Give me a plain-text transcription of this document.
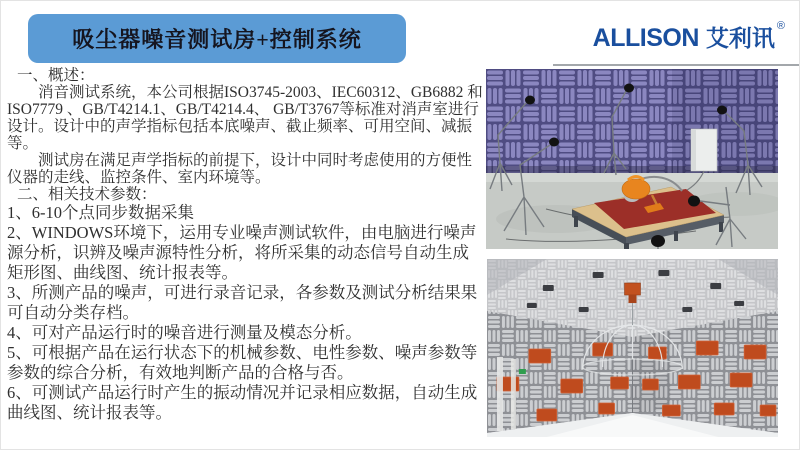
吸尘器噪音测试房+控制系统	ALLISON 艾利讯 ®

一、概述：

消音测试系统，本公司根据ISO3745-2003、IEC60312、GB6882 和ISO7779 、GB/T4214.1、GB/T4214.4、 GB/T3767等标准对消声室进行设计。设计中的声学指标包括本底噪声、截止频率、可用空间、减振等。

测试房在满足声学指标的前提下，设计中同时考虑使用的方便性仪器的走线、监控条件、室内环境等。

二、相关技术参数：

1、6-10个点同步数据采集

2、WINDOWS环境下，运用专业噪声测试软件，由电脑进行噪声源分析，识辨及噪声源特性分析，将所采集的动态信号自动生成矩形图、曲线图、统计报表等。

3、所测产品的噪声，可进行录音记录，各参数及测试分析结果果可自动分类存档。

4、可对产品运行时的噪音进行测量及模态分析。

5、可根据产品在运行状态下的机械参数、电性参数、噪声参数等参数的综合分析，有效地判断产品的合格与否。

6、可测试产品运行时产生的振动情况并记录相应数据，自动生成曲线图、统计报表等。
